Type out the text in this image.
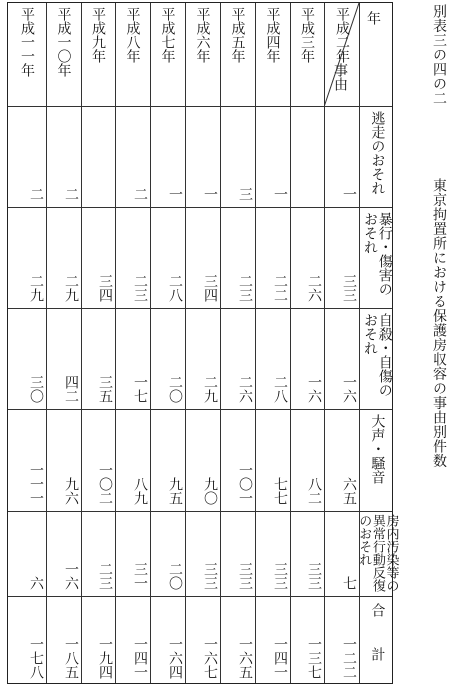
別表三の四の二
東京拘置所における保護房収容の事由別件数
年
事由
平成二年
平成三年
平成四年
平成五年
平成六年
平成七年
平成八年
平成九年
平成一〇年
平成一一年
逃走のおそれ
暴行・傷害のおそれ
自殺・自傷のおそれ
大声・騒音
房内汚染等の異常行動反復のおそれ
合計
一
一
三
一
一
二
二
二
三三
二六
二二
二三
三四
二八
二三
三四
二九
二九
一六
一六
二八
二六
二九
二〇
一七
三五
四二
三〇
六五
八二
七七
一〇一
九〇
九五
八九
一〇二
九六
一一一
七
三三
三三
三三
三三
二〇
三一
二三
一六
六
一二二
一三七
一四一
一六五
一六七
一六四
一四一
一九四
一八五
一七八
